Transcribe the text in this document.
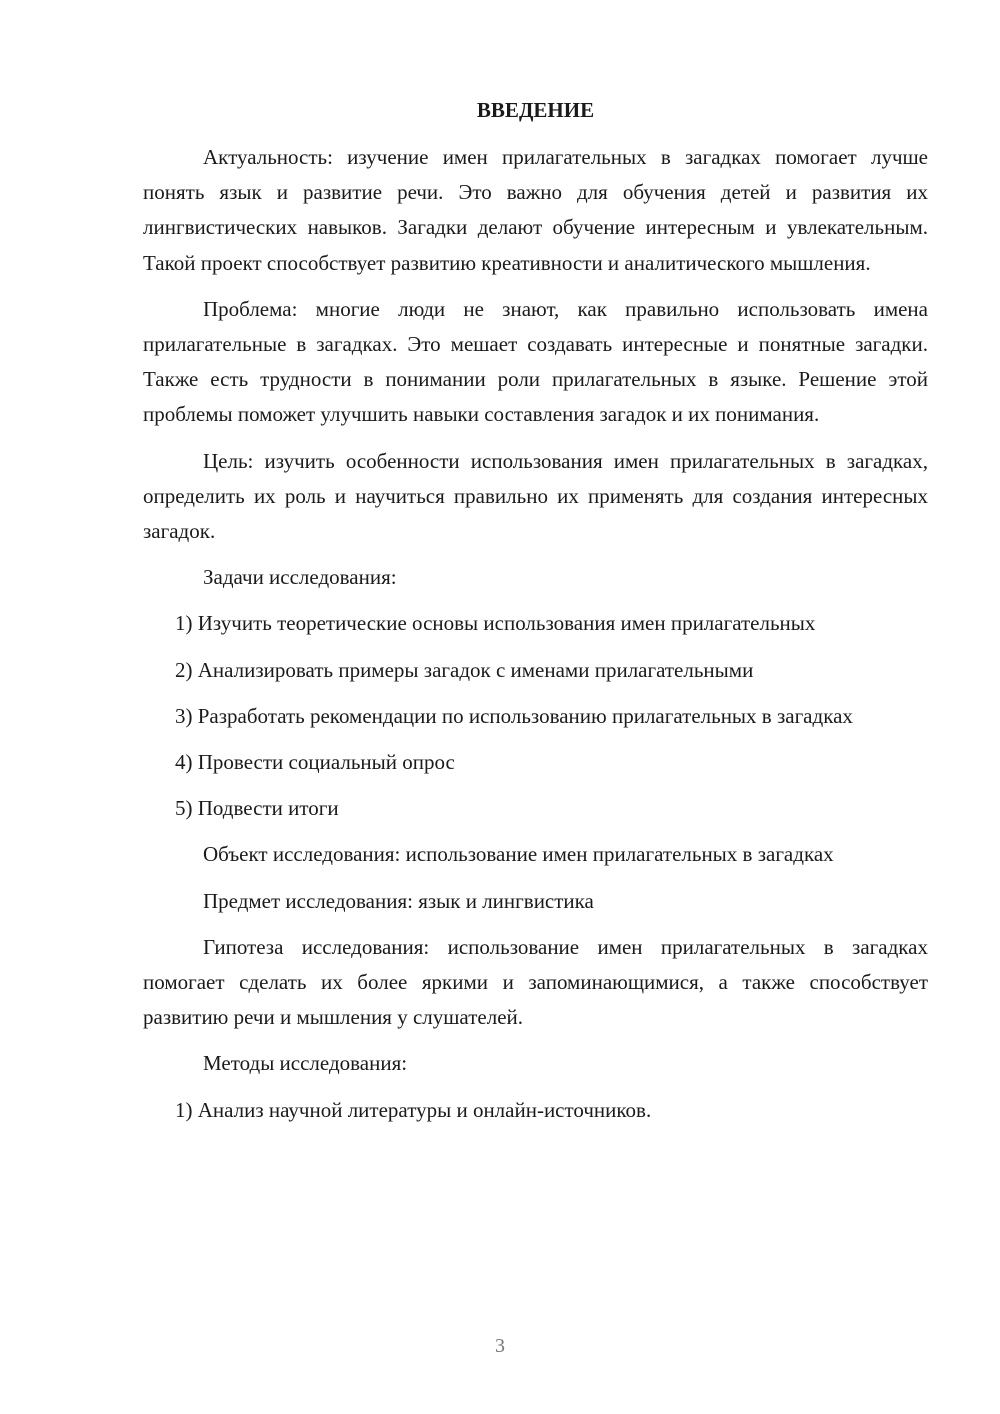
ВВЕДЕНИЕ

Актуальность: изучение имен прилагательных в загадках помогает лучше понять язык и развитие речи. Это важно для обучения детей и развития их лингвистических навыков. Загадки делают обучение интересным и увлекательным. Такой проект способствует развитию креативности и аналитического мышления.

Проблема: многие люди не знают, как правильно использовать имена прилагательные в загадках. Это мешает создавать интересные и понятные загадки. Также есть трудности в понимании роли прилагательных в языке. Решение этой проблемы поможет улучшить навыки составления загадок и их понимания.

Цель: изучить особенности использования имен прилагательных в загадках, определить их роль и научиться правильно их применять для создания интересных загадок.

Задачи исследования:

1) Изучить теоретические основы использования имен прилагательных

2) Анализировать примеры загадок с именами прилагательными

3) Разработать рекомендации по использованию прилагательных в загадках

4) Провести социальный опрос

5) Подвести итоги

Объект исследования: использование имен прилагательных в загадках

Предмет исследования: язык и лингвистика

Гипотеза исследования: использование имен прилагательных в загадках помогает сделать их более яркими и запоминающимися, а также способствует развитию речи и мышления у слушателей.

Методы исследования:

1) Анализ научной литературы и онлайн-источников.

3
